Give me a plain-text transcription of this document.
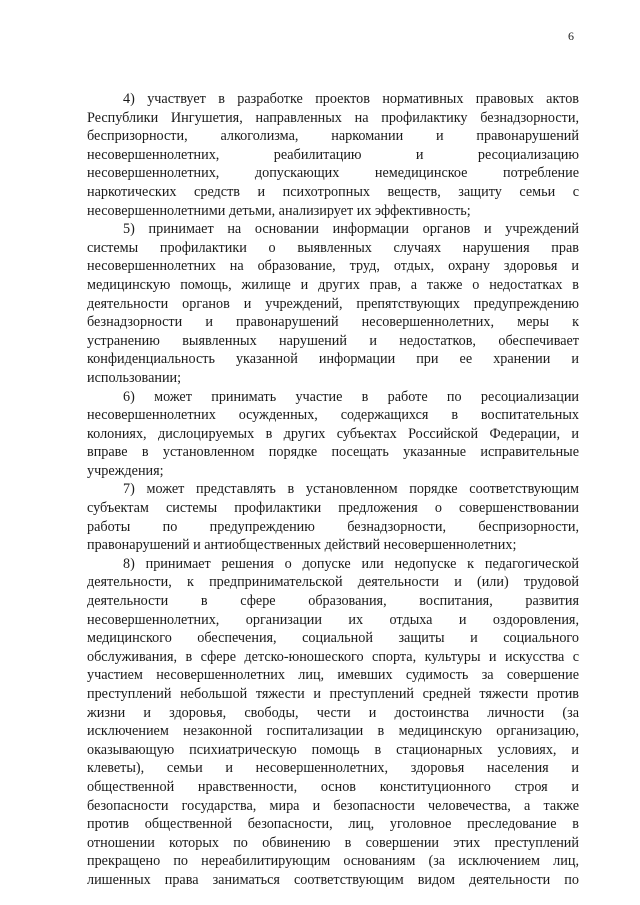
6
4) участвует в разработке проектов нормативных правовых актов
Республики Ингушетия, направленных на профилактику безнадзорности,
беспризорности, алкоголизма, наркомании и правонарушений
несовершеннолетних, реабилитацию и ресоциализацию
несовершеннолетних, допускающих немедицинское потребление
наркотических средств и психотропных веществ, защиту семьи с
несовершеннолетними детьми, анализирует их эффективность;
5) принимает на основании информации органов и учреждений
системы профилактики о выявленных случаях нарушения прав
несовершеннолетних на образование, труд, отдых, охрану здоровья и
медицинскую помощь, жилище и других прав, а также о недостатках в
деятельности органов и учреждений, препятствующих предупреждению
безнадзорности и правонарушений несовершеннолетних, меры к
устранению выявленных нарушений и недостатков, обеспечивает
конфиденциальность указанной информации при ее хранении и
использовании;
6) может принимать участие в работе по ресоциализации
несовершеннолетних осужденных, содержащихся в воспитательных
колониях, дислоцируемых в других субъектах Российской Федерации, и
вправе в установленном порядке посещать указанные исправительные
учреждения;
7) может представлять в установленном порядке соответствующим
субъектам системы профилактики предложения о совершенствовании
работы по предупреждению безнадзорности, беспризорности,
правонарушений и антиобщественных действий несовершеннолетних;
8) принимает решения о допуске или недопуске к педагогической
деятельности, к предпринимательской деятельности и (или) трудовой
деятельности в сфере образования, воспитания, развития
несовершеннолетних, организации их отдыха и оздоровления,
медицинского обеспечения, социальной защиты и социального
обслуживания, в сфере детско-юношеского спорта, культуры и искусства с
участием несовершеннолетних лиц, имевших судимость за совершение
преступлений небольшой тяжести и преступлений средней тяжести против
жизни и здоровья, свободы, чести и достоинства личности (за
исключением незаконной госпитализации в медицинскую организацию,
оказывающую психиатрическую помощь в стационарных условиях, и
клеветы), семьи и несовершеннолетних, здоровья населения и
общественной нравственности, основ конституционного строя и
безопасности государства, мира и безопасности человечества, а также
против общественной безопасности, лиц, уголовное преследование в
отношении которых по обвинению в совершении этих преступлений
прекращено по нереабилитирующим основаниям (за исключением лиц,
лишенных права заниматься соответствующим видом деятельности по
